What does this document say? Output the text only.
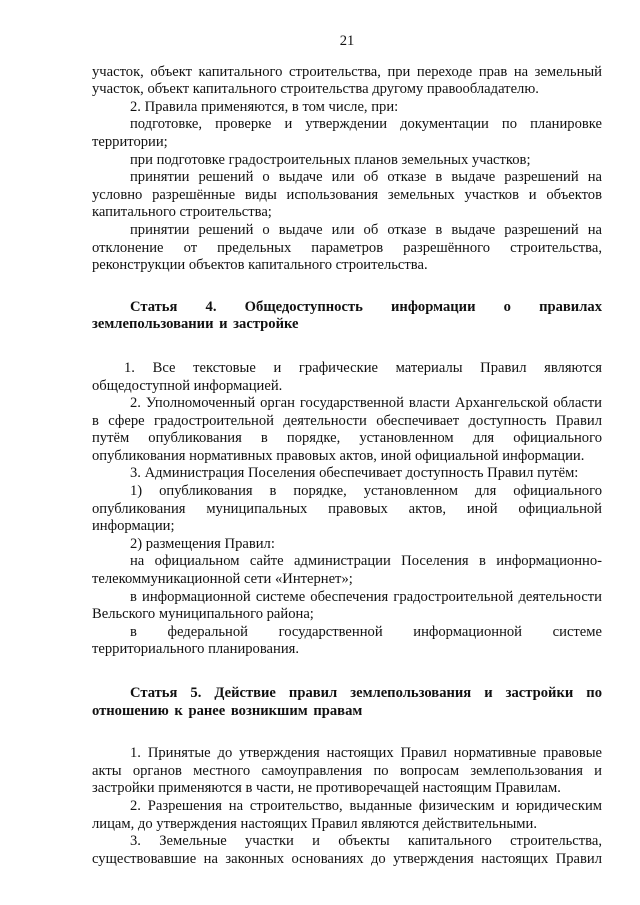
21

участок, объект капитального строительства, при переходе прав на земельный участок, объект капитального строительства другому правообладателю.

2. Правила применяются, в том числе, при:

подготовке, проверке и утверждении документации по планировке территории;

при подготовке градостроительных планов земельных участков;

принятии решений о выдаче или об отказе в выдаче разрешений на условно разрешённые виды использования земельных участков и объектов капитального строительства;

принятии решений о выдаче или об отказе в выдаче разрешений на отклонение от предельных параметров разрешённого строительства, реконструкции объектов капитального строительства.

Статья 4. Общедоступность информации о правилах землепользовании и застройке

1. Все текстовые и графические материалы Правил являются общедоступной информацией.

2. Уполномоченный орган государственной власти Архангельской области в сфере градостроительной деятельности обеспечивает доступность Правил путём опубликования в порядке, установленном для официального опубликования нормативных правовых актов, иной официальной информации.

3. Администрация Поселения обеспечивает доступность Правил путём:

1) опубликования в порядке, установленном для официального опубликования муниципальных правовых актов, иной официальной информации;

2) размещения Правил:

на официальном сайте администрации Поселения в информационно-телекоммуникационной сети «Интернет»;

в информационной системе обеспечения градостроительной деятельности Вельского муниципального района;

в федеральной государственной информационной системе территориального планирования.

Статья 5. Действие правил землепользования и застройки по отношению к ранее возникшим правам

1. Принятые до утверждения настоящих Правил нормативные правовые акты органов местного самоуправления по вопросам землепользования и застройки применяются в части, не противоречащей настоящим Правилам.

2. Разрешения на строительство, выданные физическим и юридическим лицам, до утверждения настоящих Правил являются действительными.

3. Земельные участки и объекты капитального строительства, существовавшие на законных основаниях до утверждения настоящих Правил
